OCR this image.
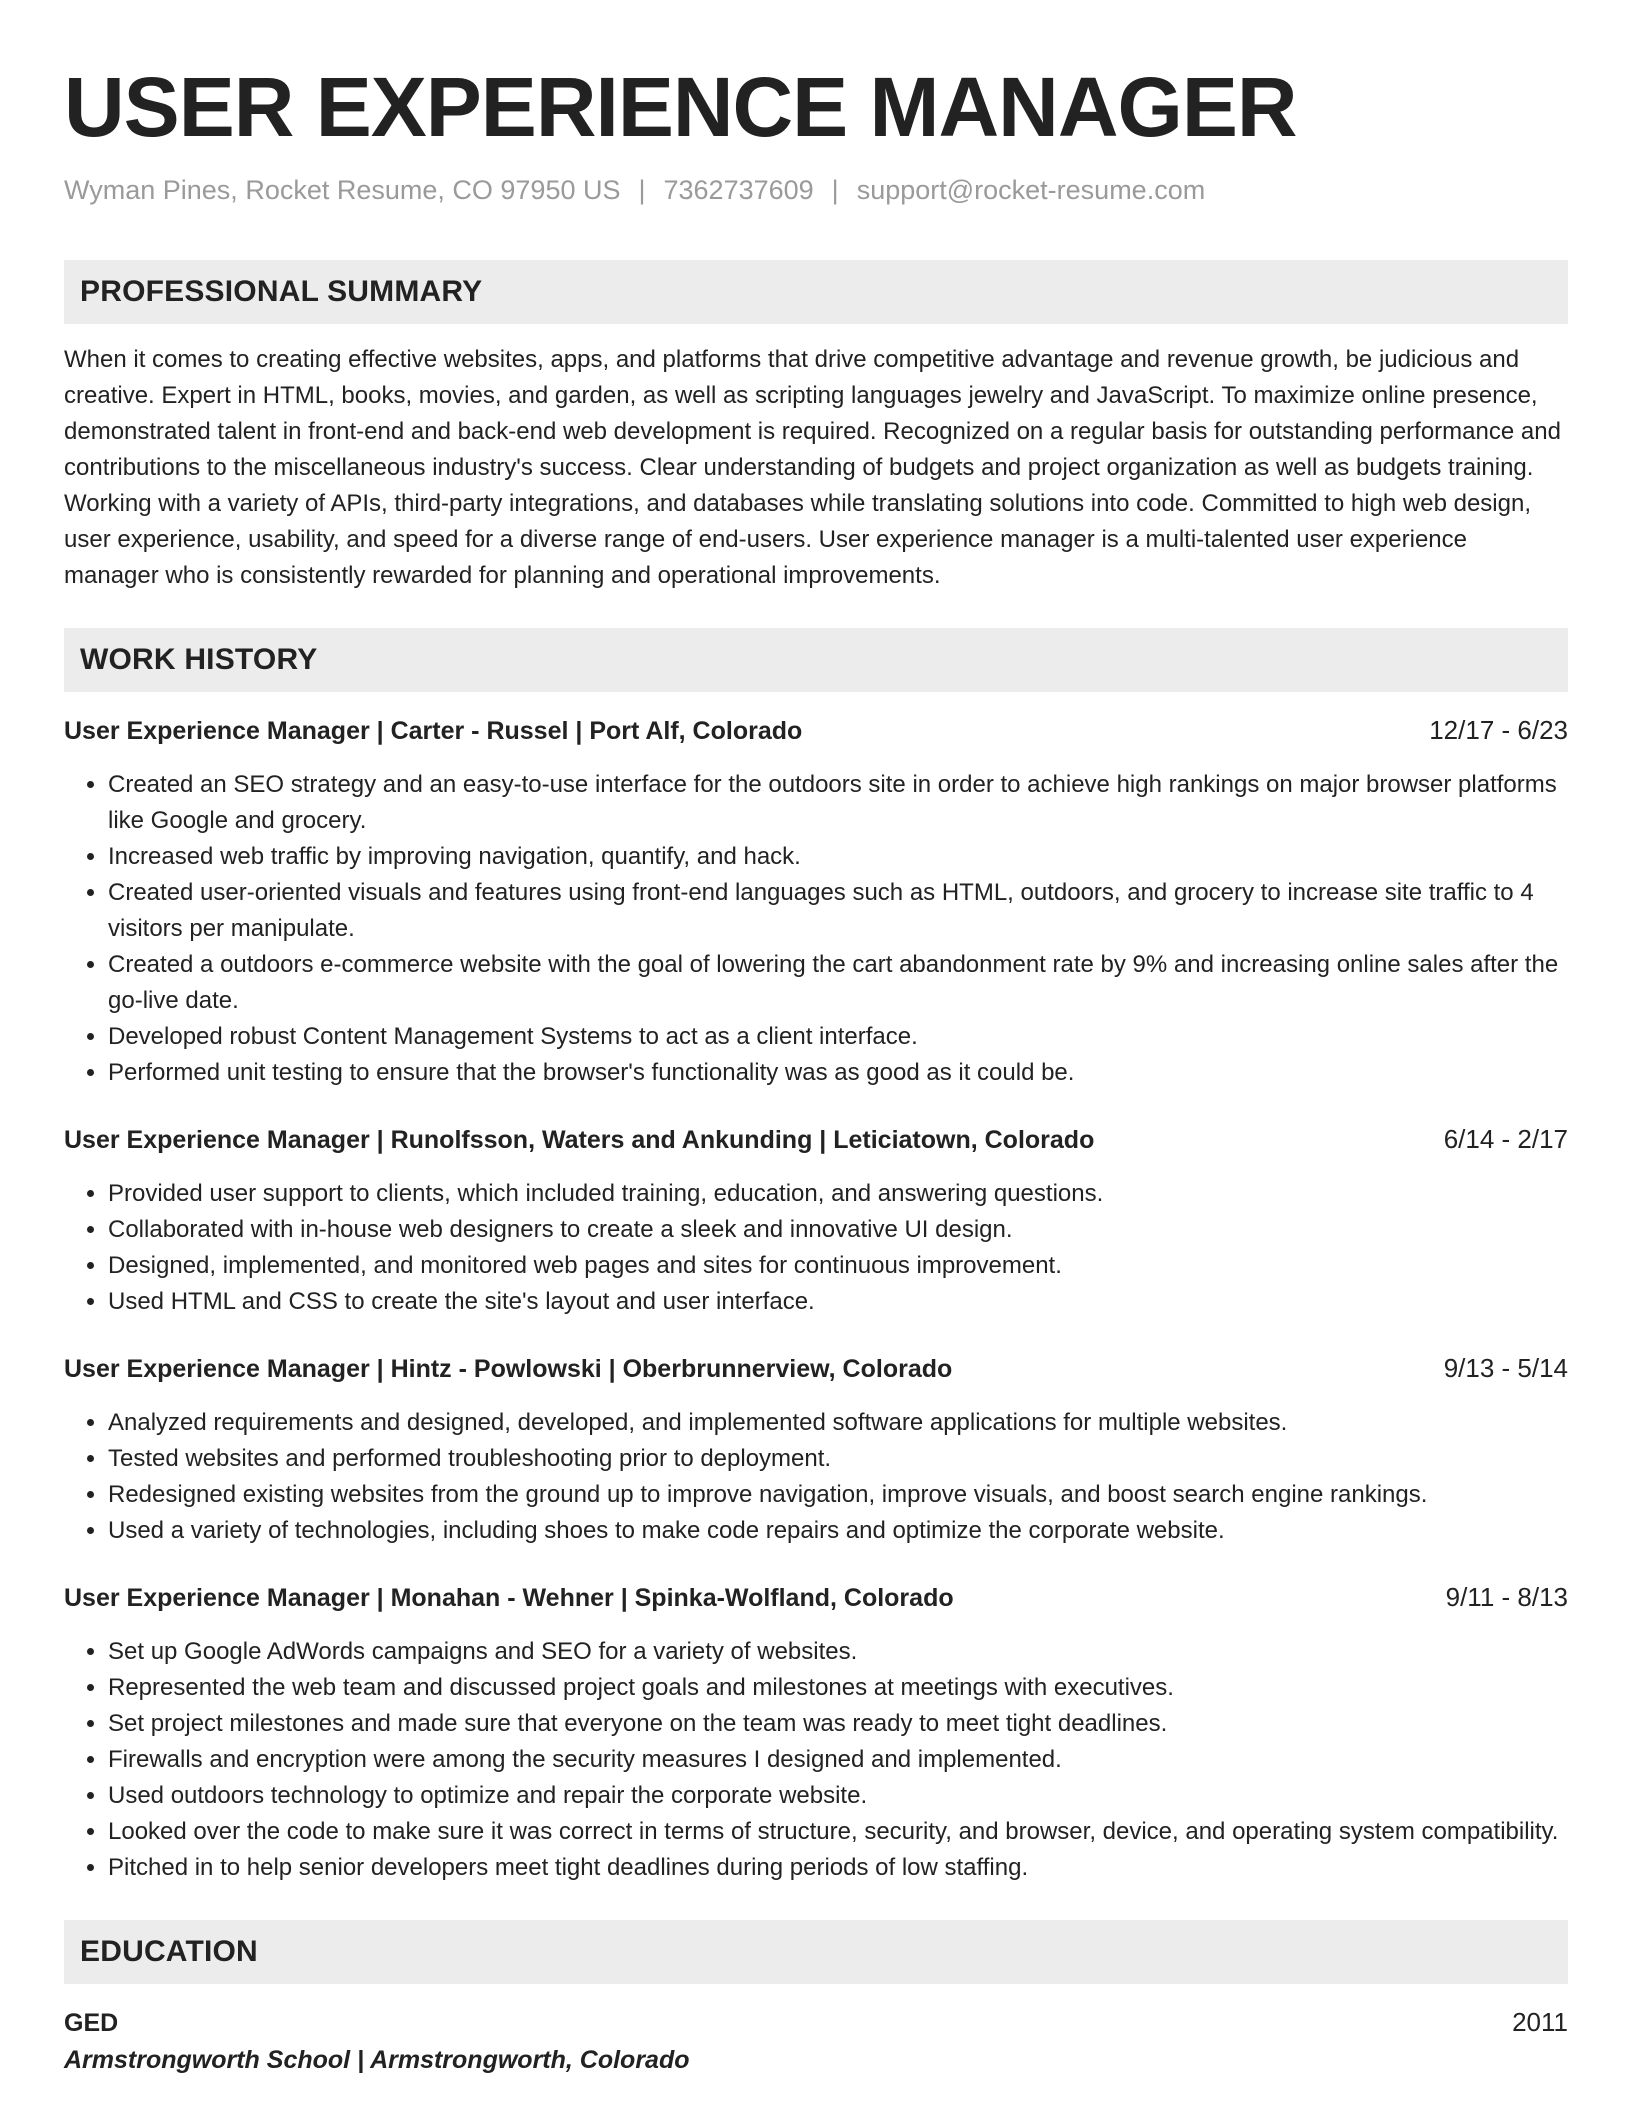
USER EXPERIENCE MANAGER
Wyman Pines, Rocket Resume, CO 97950 US | 7362737609 | support@rocket-resume.com
PROFESSIONAL SUMMARY
When it comes to creating effective websites, apps, and platforms that drive competitive advantage and revenue growth, be judicious and creative. Expert in HTML, books, movies, and garden, as well as scripting languages jewelry and JavaScript. To maximize online presence, demonstrated talent in front-end and back-end web development is required. Recognized on a regular basis for outstanding performance and contributions to the miscellaneous industry's success. Clear understanding of budgets and project organization as well as budgets training. Working with a variety of APIs, third-party integrations, and databases while translating solutions into code. Committed to high web design, user experience, usability, and speed for a diverse range of end-users. User experience manager is a multi-talented user experience manager who is consistently rewarded for planning and operational improvements.
WORK HISTORY
User Experience Manager | Carter - Russel | Port Alf, Colorado	12/17 - 6/23
• Created an SEO strategy and an easy-to-use interface for the outdoors site in order to achieve high rankings on major browser platforms like Google and grocery.
• Increased web traffic by improving navigation, quantify, and hack.
• Created user-oriented visuals and features using front-end languages such as HTML, outdoors, and grocery to increase site traffic to 4 visitors per manipulate.
• Created a outdoors e-commerce website with the goal of lowering the cart abandonment rate by 9% and increasing online sales after the go-live date.
• Developed robust Content Management Systems to act as a client interface.
• Performed unit testing to ensure that the browser's functionality was as good as it could be.
User Experience Manager | Runolfsson, Waters and Ankunding | Leticiatown, Colorado	6/14 - 2/17
• Provided user support to clients, which included training, education, and answering questions.
• Collaborated with in-house web designers to create a sleek and innovative UI design.
• Designed, implemented, and monitored web pages and sites for continuous improvement.
• Used HTML and CSS to create the site's layout and user interface.
User Experience Manager | Hintz - Powlowski | Oberbrunnerview, Colorado	9/13 - 5/14
• Analyzed requirements and designed, developed, and implemented software applications for multiple websites.
• Tested websites and performed troubleshooting prior to deployment.
• Redesigned existing websites from the ground up to improve navigation, improve visuals, and boost search engine rankings.
• Used a variety of technologies, including shoes to make code repairs and optimize the corporate website.
User Experience Manager | Monahan - Wehner | Spinka-Wolfland, Colorado	9/11 - 8/13
• Set up Google AdWords campaigns and SEO for a variety of websites.
• Represented the web team and discussed project goals and milestones at meetings with executives.
• Set project milestones and made sure that everyone on the team was ready to meet tight deadlines.
• Firewalls and encryption were among the security measures I designed and implemented.
• Used outdoors technology to optimize and repair the corporate website.
• Looked over the code to make sure it was correct in terms of structure, security, and browser, device, and operating system compatibility.
• Pitched in to help senior developers meet tight deadlines during periods of low staffing.
EDUCATION
GED	2011
Armstrongworth School | Armstrongworth, Colorado
